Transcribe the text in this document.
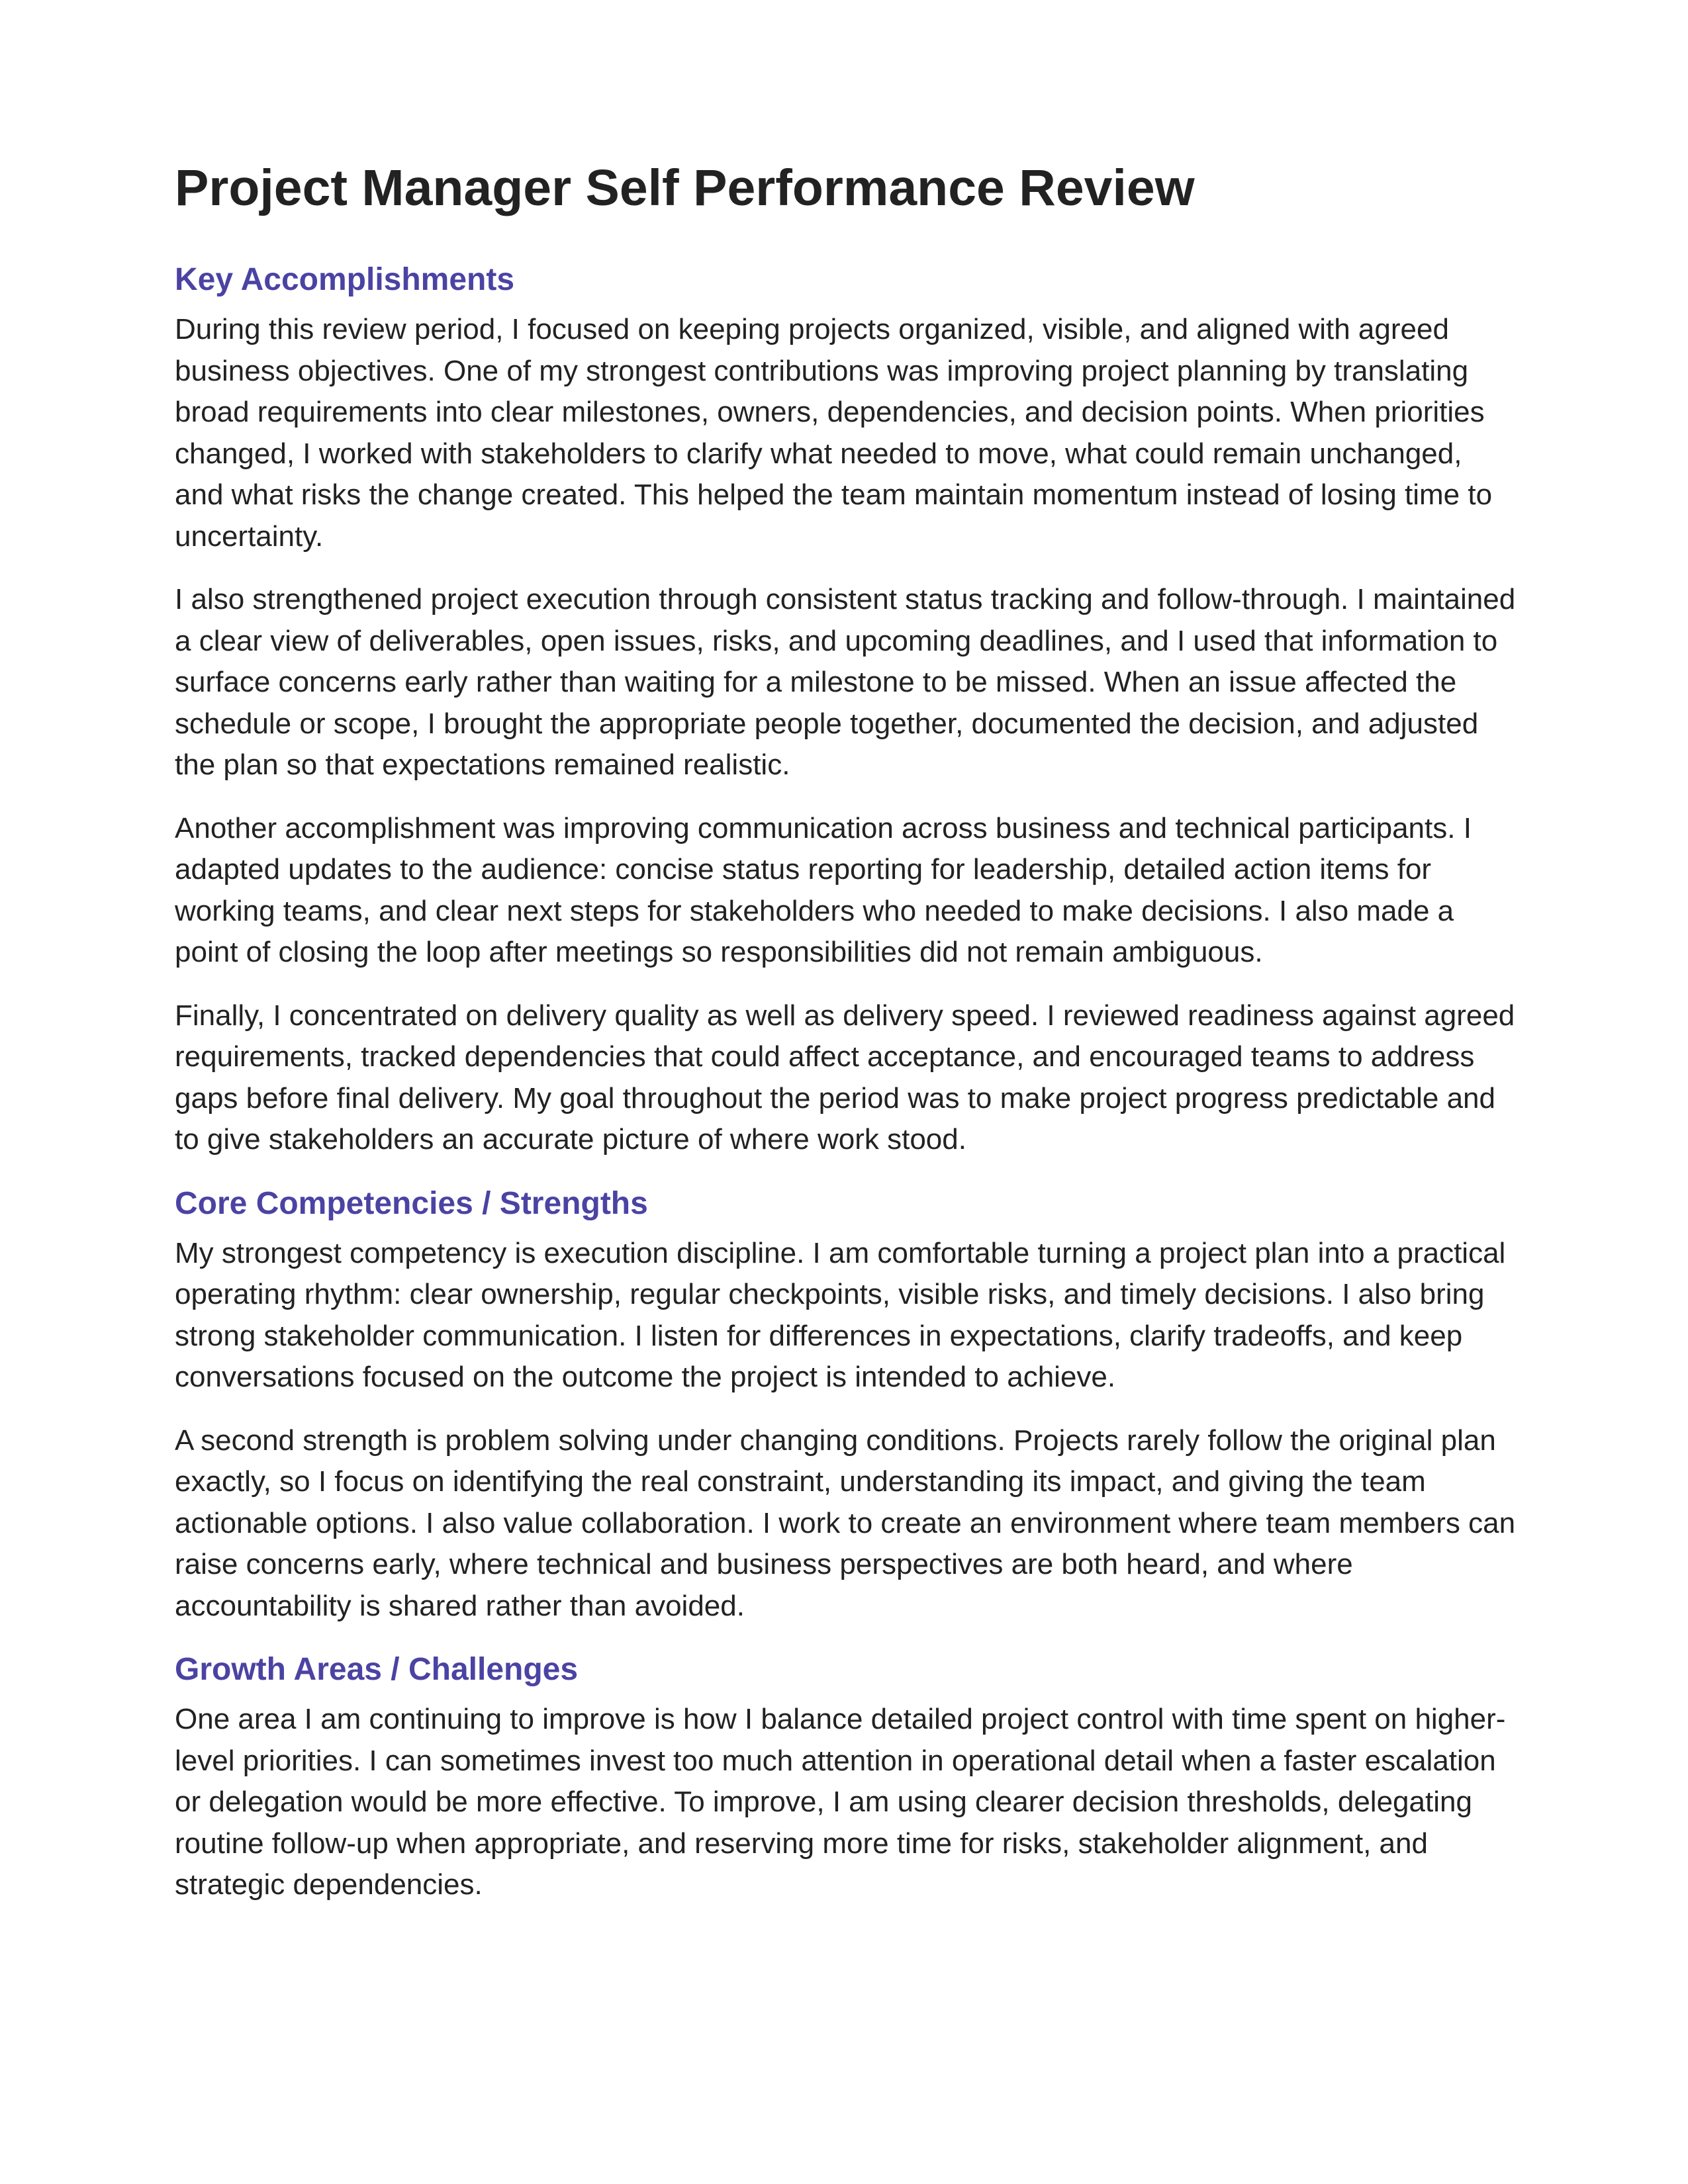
Project Manager Self Performance Review
Key Accomplishments

During this review period, I focused on keeping projects organized, visible, and aligned with agreed business objectives. One of my strongest contributions was improving project planning by translating broad requirements into clear milestones, owners, dependencies, and decision points. When priorities changed, I worked with stakeholders to clarify what needed to move, what could remain unchanged, and what risks the change created. This helped the team maintain momentum instead of losing time to uncertainty.

I also strengthened project execution through consistent status tracking and follow-through. I maintained a clear view of deliverables, open issues, risks, and upcoming deadlines, and I used that information to surface concerns early rather than waiting for a milestone to be missed. When an issue affected the schedule or scope, I brought the appropriate people together, documented the decision, and adjusted the plan so that expectations remained realistic.

Another accomplishment was improving communication across business and technical participants. I adapted updates to the audience: concise status reporting for leadership, detailed action items for working teams, and clear next steps for stakeholders who needed to make decisions. I also made a point of closing the loop after meetings so responsibilities did not remain ambiguous.

Finally, I concentrated on delivery quality as well as delivery speed. I reviewed readiness against agreed requirements, tracked dependencies that could affect acceptance, and encouraged teams to address gaps before final delivery. My goal throughout the period was to make project progress predictable and to give stakeholders an accurate picture of where work stood.

Core Competencies / Strengths

My strongest competency is execution discipline. I am comfortable turning a project plan into a practical operating rhythm: clear ownership, regular checkpoints, visible risks, and timely decisions. I also bring strong stakeholder communication. I listen for differences in expectations, clarify tradeoffs, and keep conversations focused on the outcome the project is intended to achieve.

A second strength is problem solving under changing conditions. Projects rarely follow the original plan exactly, so I focus on identifying the real constraint, understanding its impact, and giving the team actionable options. I also value collaboration. I work to create an environment where team members can raise concerns early, where technical and business perspectives are both heard, and where accountability is shared rather than avoided.

Growth Areas / Challenges

One area I am continuing to improve is how I balance detailed project control with time spent on higher-level priorities. I can sometimes invest too much attention in operational detail when a faster escalation or delegation would be more effective. To improve, I am using clearer decision thresholds, delegating routine follow-up when appropriate, and reserving more time for risks, stakeholder alignment, and strategic dependencies.
